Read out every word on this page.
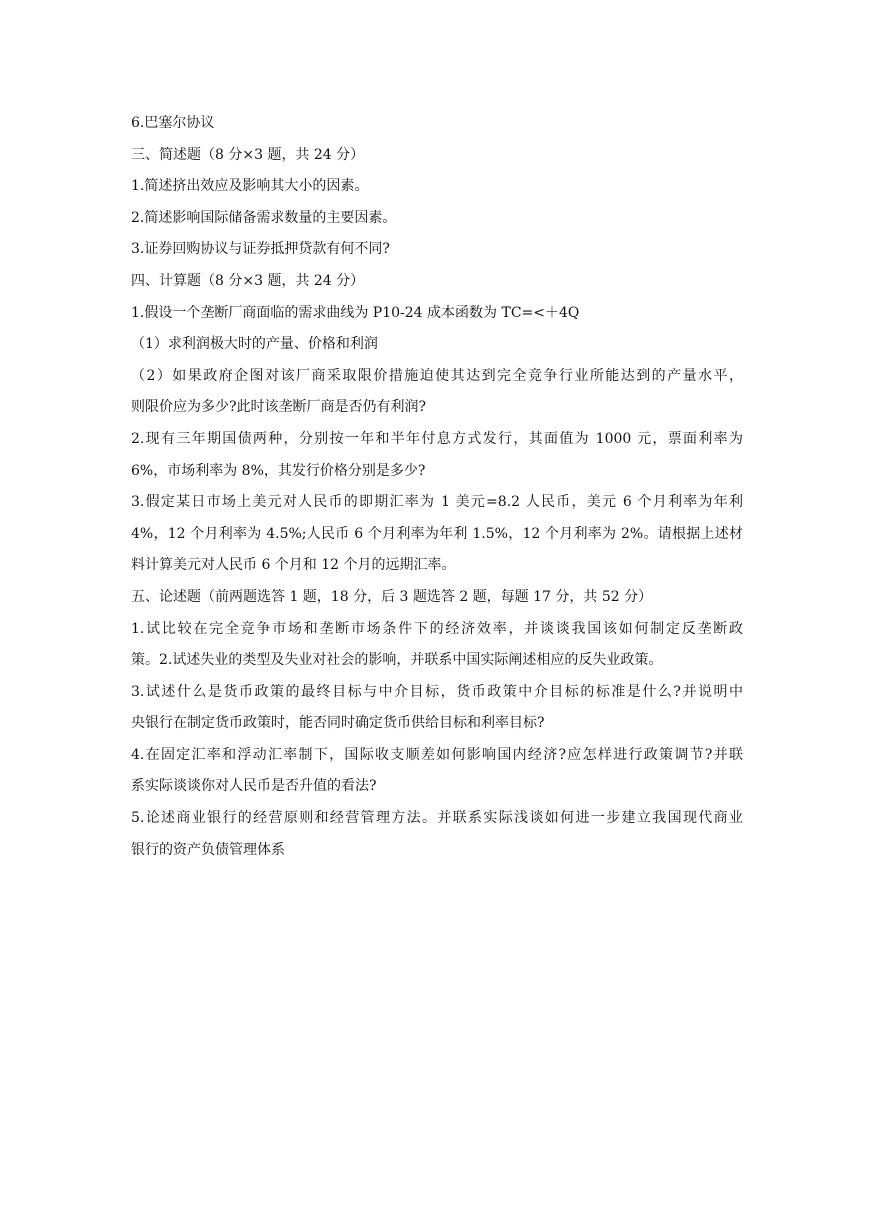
6.巴塞尔协议
三、简述题（8 分×3 题，共 24 分）
1.简述挤出效应及影响其大小的因素。
2.简述影响国际储备需求数量的主要因素。
3.证券回购协议与证券抵押贷款有何不同?
四、计算题（8 分×3 题，共 24 分）
1.假设一个垄断厂商面临的需求曲线为 P10-24 成本函数为 TC=<＋4Q
（1）求利润极大时的产量、价格和利润
（2）如果政府企图对该厂商采取限价措施迫使其达到完全竞争行业所能达到的产量水平，
则限价应为多少?此时该垄断厂商是否仍有利润?
2.现有三年期国债两种，分别按一年和半年付息方式发行，其面值为 1000 元，票面利率为
6%，市场利率为 8%，其发行价格分别是多少?
3.假定某日市场上美元对人民币的即期汇率为 1 美元=8.2 人民币，美元 6 个月利率为年利
4%，12 个月利率为 4.5%;人民币 6 个月利率为年利 1.5%，12 个月利率为 2%。请根据上述材
料计算美元对人民币 6 个月和 12 个月的远期汇率。
五、论述题（前两题选答 1 题，18 分，后 3 题选答 2 题，每题 17 分，共 52 分）
1.试比较在完全竞争市场和垄断市场条件下的经济效率，并谈谈我国该如何制定反垄断政
策。2.试述失业的类型及失业对社会的影响，并联系中国实际阐述相应的反失业政策。
3.试述什么是货币政策的最终目标与中介目标，货币政策中介目标的标准是什么?并说明中
央银行在制定货币政策时，能否同时确定货币供给目标和利率目标?
4.在固定汇率和浮动汇率制下，国际收支顺差如何影响国内经济?应怎样进行政策调节?并联
系实际谈谈你对人民币是否升值的看法?
5.论述商业银行的经营原则和经营管理方法。并联系实际浅谈如何进一步建立我国现代商业
银行的资产负债管理体系
